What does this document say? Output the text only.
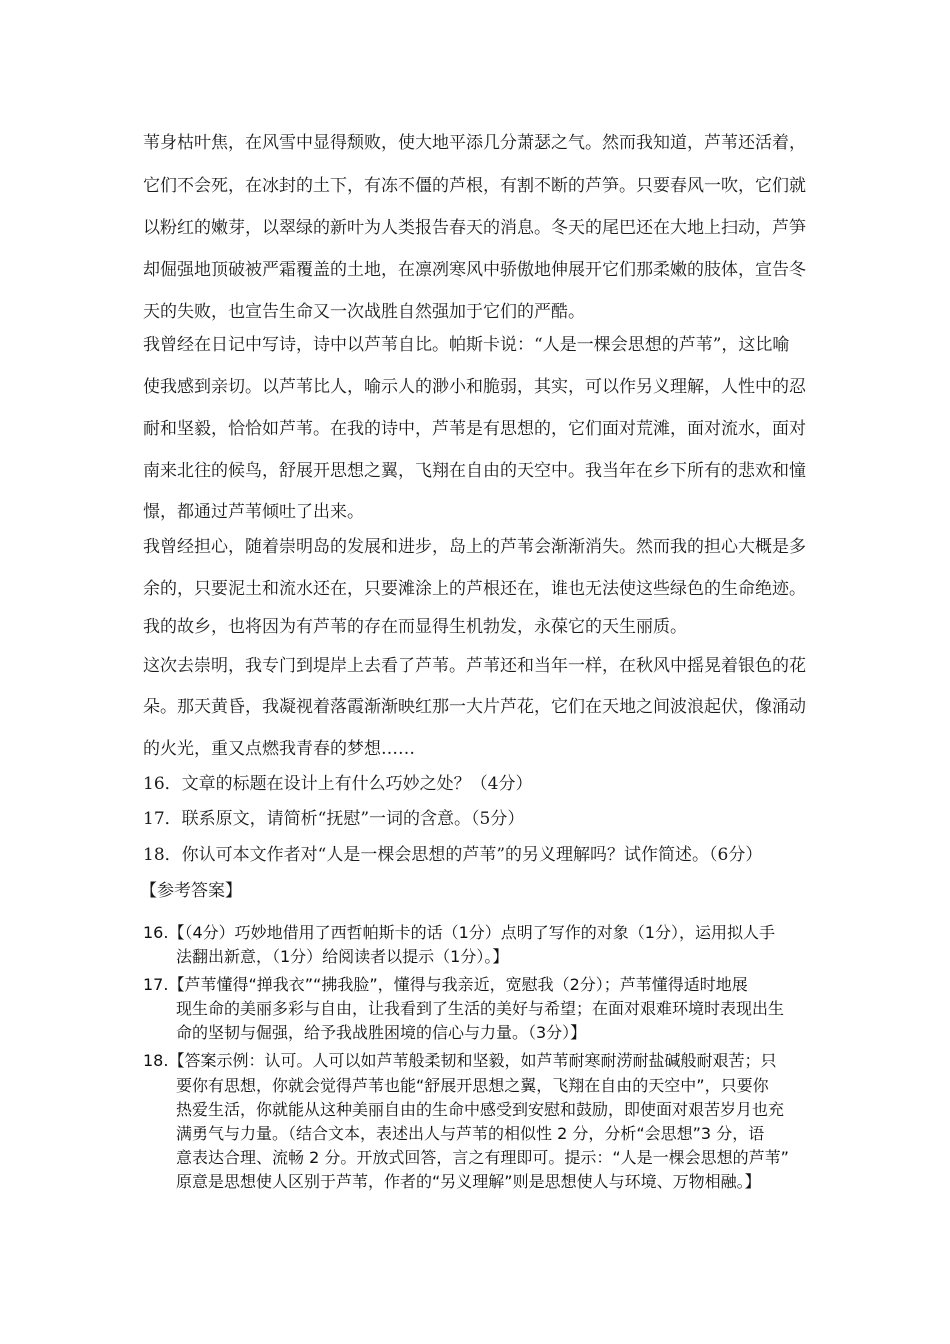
苇身枯叶焦，在风雪中显得颓败，使大地平添几分萧瑟之气。然而我知道，芦苇还活着，
它们不会死，在冰封的土下，有冻不僵的芦根，有割不断的芦笋。只要春风一吹，它们就
以粉红的嫩芽，以翠绿的新叶为人类报告春天的消息。冬天的尾巴还在大地上扫动，芦笋
却倔强地顶破被严霜覆盖的土地，在凛冽寒风中骄傲地伸展开它们那柔嫩的肢体，宣告冬
天的失败，也宣告生命又一次战胜自然强加于它们的严酷。
我曾经在日记中写诗，诗中以芦苇自比。帕斯卡说：“人是一棵会思想的芦苇”，这比喻
使我感到亲切。以芦苇比人，喻示人的渺小和脆弱，其实，可以作另义理解，人性中的忍
耐和坚毅，恰恰如芦苇。在我的诗中，芦苇是有思想的，它们面对荒滩，面对流水，面对
南来北往的候鸟，舒展开思想之翼，飞翔在自由的天空中。我当年在乡下所有的悲欢和憧
憬，都通过芦苇倾吐了出来。
我曾经担心，随着崇明岛的发展和进步，岛上的芦苇会渐渐消失。然而我的担心大概是多
余的，只要泥土和流水还在，只要滩涂上的芦根还在，谁也无法使这些绿色的生命绝迹。
我的故乡，也将因为有芦苇的存在而显得生机勃发，永葆它的天生丽质。
这次去崇明，我专门到堤岸上去看了芦苇。芦苇还和当年一样，在秋风中摇晃着银色的花
朵。那天黄昏，我凝视着落霞渐渐映红那一大片芦花，它们在天地之间波浪起伏，像涌动
的火光，重又点燃我青春的梦想……
16．文章的标题在设计上有什么巧妙之处？（4分）
17．联系原文，请简析“抚慰”一词的含意。（5分）
18．你认可本文作者对“人是一棵会思想的芦苇”的另义理解吗？试作简述。（6分）
【参考答案】
16.【（4分）巧妙地借用了西哲帕斯卡的话（1分）点明了写作的对象（1分），运用拟人手
法翻出新意，（1分）给阅读者以提示（1分）。】
17.【芦苇懂得“掸我衣”“拂我脸”，懂得与我亲近，宽慰我（2分）；芦苇懂得适时地展
现生命的美丽多彩与自由，让我看到了生活的美好与希望；在面对艰难环境时表现出生
命的坚韧与倔强，给予我战胜困境的信心与力量。（3分）】
18.【答案示例：认可。人可以如芦苇般柔韧和坚毅，如芦苇耐寒耐涝耐盐碱般耐艰苦；只
要你有思想，你就会觉得芦苇也能“舒展开思想之翼，飞翔在自由的天空中”，只要你
热爱生活，你就能从这种美丽自由的生命中感受到安慰和鼓励，即使面对艰苦岁月也充
满勇气与力量。（结合文本，表述出人与芦苇的相似性 2 分，分析“会思想”3 分，语
意表达合理、流畅 2 分。开放式回答，言之有理即可。提示：“人是一棵会思想的芦苇”
原意是思想使人区别于芦苇，作者的“另义理解”则是思想使人与环境、万物相融。】
